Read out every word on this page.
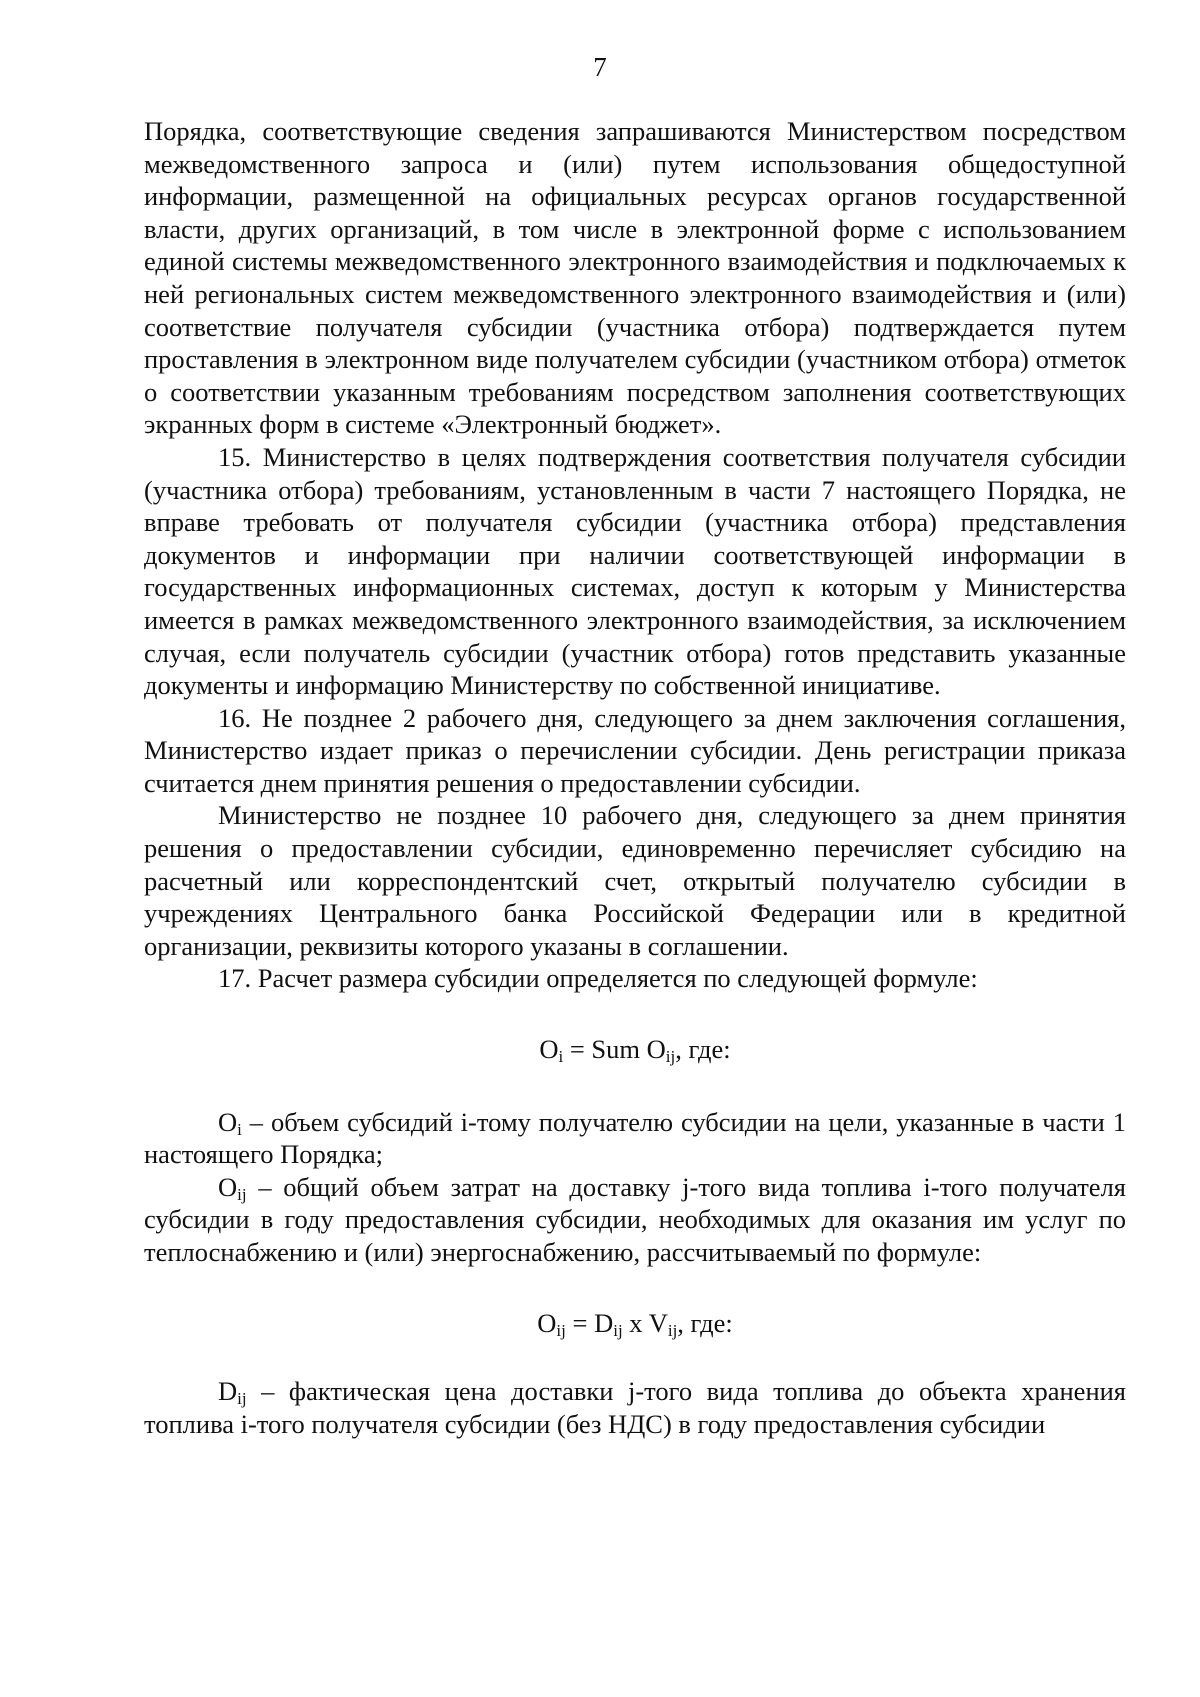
7

Порядка, соответствующие сведения запрашиваются Министерством посредством межведомственного запроса и (или) путем использования общедоступной информации, размещенной на официальных ресурсах органов государственной власти, других организаций, в том числе в электронной форме с использованием единой системы межведомственного электронного взаимодействия и подключаемых к ней региональных систем межведомственного электронного взаимодействия и (или) соответствие получателя субсидии (участника отбора) подтверждается путем проставления в электронном виде получателем субсидии (участником отбора) отметок о соответствии указанным требованиям посредством заполнения соответствующих экранных форм в системе «Электронный бюджет».

15. Министерство в целях подтверждения соответствия получателя субсидии (участника отбора) требованиям, установленным в части 7 настоящего Порядка, не вправе требовать от получателя субсидии (участника отбора) представления документов и информации при наличии соответствующей информации в государственных информационных системах, доступ к которым у Министерства имеется в рамках межведомственного электронного взаимодействия, за исключением случая, если получатель субсидии (участник отбора) готов представить указанные документы и информацию Министерству по собственной инициативе.

16. Не позднее 2 рабочего дня, следующего за днем заключения соглашения, Министерство издает приказ о перечислении субсидии. День регистрации приказа считается днем принятия решения о предоставлении субсидии.

Министерство не позднее 10 рабочего дня, следующего за днем принятия решения о предоставлении субсидии, единовременно перечисляет субсидию на расчетный или корреспондентский счет, открытый получателю субсидии в учреждениях Центрального банка Российской Федерации или в кредитной организации, реквизиты которого указаны в соглашении.

17. Расчет размера субсидии определяется по следующей формуле:

$O_i$ = Sum $O_{ij}$, где:

$O_i$ – объем субсидий i-тому получателю субсидии на цели, указанные в части 1 настоящего Порядка;

$O_{ij}$ – общий объем затрат на доставку j-того вида топлива i-того получателя субсидии в году предоставления субсидии, необходимых для оказания им услуг по теплоснабжению и (или) энергоснабжению, рассчитываемый по формуле:

$O_{ij} = D_{ij}$ x $V_{ij}$, где:

$D_{ij}$ – фактическая цена доставки j-того вида топлива до объекта хранения топлива i-того получателя субсидии (без НДС) в году предоставления субсидии
